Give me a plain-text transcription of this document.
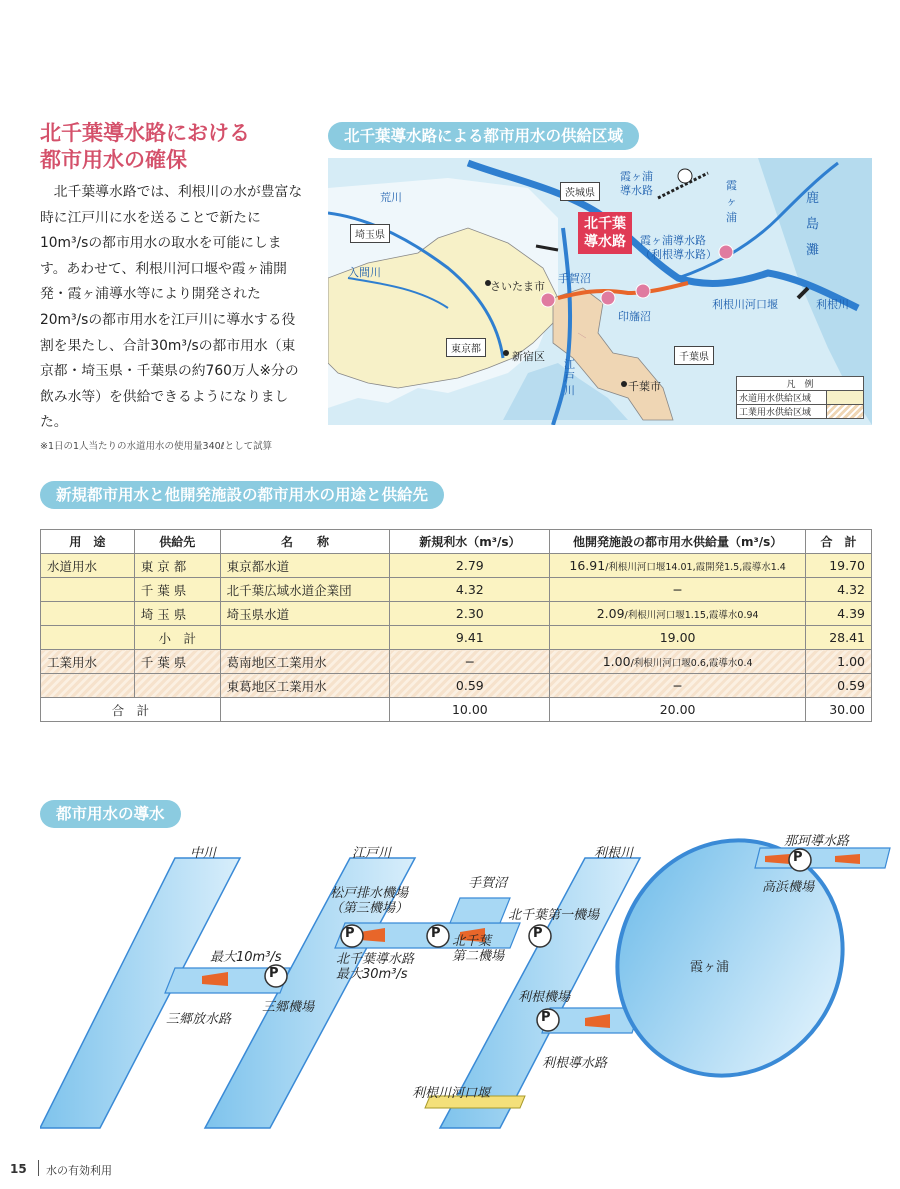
北千葉導水路における
都市用水の確保
　北千葉導水路では、利根川の水が豊富な時に江戸川に水を送ることで新たに10m³/sの都市用水の取水を可能にします。あわせて、利根川河口堰や霞ヶ浦開発・霞ヶ浦導水等により開発された20m³/sの都市用水を江戸川に導水する役割を果たし、合計30m³/sの都市用水（東京都・埼玉県・千葉県の約760万人※分の飲み水等）を供給できるようになりました。
※1日の1人当たりの水道用水の使用量340ℓとして試算
北千葉導水路による都市用水の供給区域
荒川
埼玉県
入間川
さいたま市
東京都
新宿区
茨城県
北千葉
導水路
手賀沼
印旛沼
江戸川	千葉市
千葉県
霞ヶ浦
導水路	霞ヶ浦
鹿島灘
霞ヶ浦導水路
（利根導水路）
利根川河口堰	利根川
凡　例
水道用水供給区域
工業用水供給区域
新規都市用水と他開発施設の都市用水の用途と供給先
用　途	供給先	名　　称	新規利水（m³/s）	他開発施設の都市用水供給量（m³/s）	合　計
水道用水	東 京 都	東京都水道	2.79	16.91/利根川河口堰14.01,霞開発1.5,霞導水1.4	19.70
	千 葉 県	北千葉広域水道企業団	4.32	−	4.32
	埼 玉 県	埼玉県水道	2.30	2.09/利根川河口堰1.15,霞導水0.94	4.39
	小　計		9.41	19.00	28.41
工業用水	千 葉 県	葛南地区工業用水	−	1.00/利根川河口堰0.6,霞導水0.4	1.00
		東葛地区工業用水	0.59	−	0.59
合　計			10.00	20.00	30.00
都市用水の導水
P
P	P	P
P
P
中川	江戸川	利根川
手賀沼
松戸排水機場
（第三機場）	北千葉第一機場
北千葉
第二機場
北千葉導水路
最大30m³/s
最大10m³/s
三郷機場
三郷放水路
利根機場
利根導水路
利根川河口堰
霞ヶ浦
那珂導水路
高浜機場
15 水の有効利用
